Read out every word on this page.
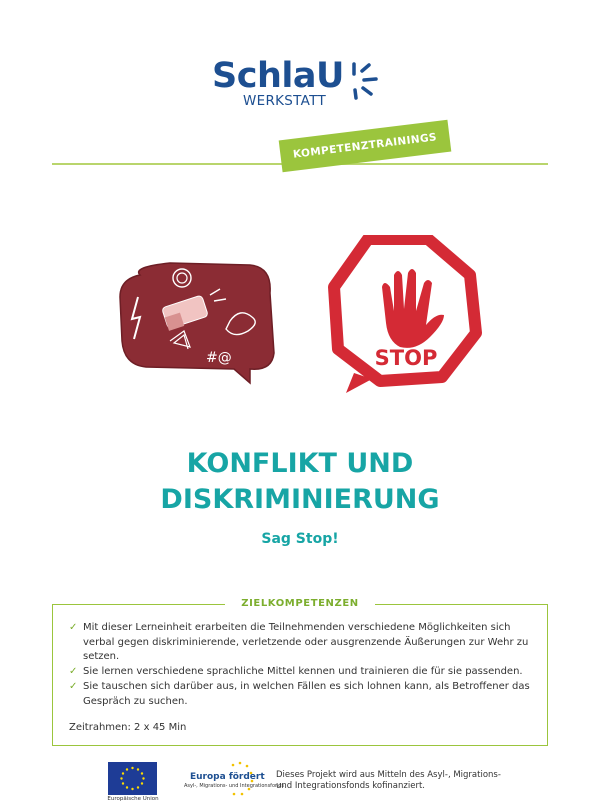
SchlaU
WERKSTATT
KOMPETENZTRAININGS
#@	STOP
KONFLIKT UND
DISKRIMINIERUNG
Sag Stop!
ZIELKOMPETENZEN
✓ Mit dieser Lerneinheit erarbeiten die Teilnehmenden verschiedene Möglichkeiten sich verbal gegen diskriminierende, verletzende oder ausgrenzende Äußerungen zur Wehr zu setzen.
✓ Sie lernen verschiedene sprachliche Mittel kennen und trainieren die für sie passenden.
✓ Sie tauschen sich darüber aus, in welchen Fällen es sich lohnen kann, als Betroffener das Gespräch zu suchen.
Zeitrahmen: 2 x 45 Min
Europäische Union
Europa fördert
Asyl-, Migrations- und Integrationsfonds
Dieses Projekt wird aus Mitteln des Asyl-, Migrations- und Integrationsfonds kofinanziert.
